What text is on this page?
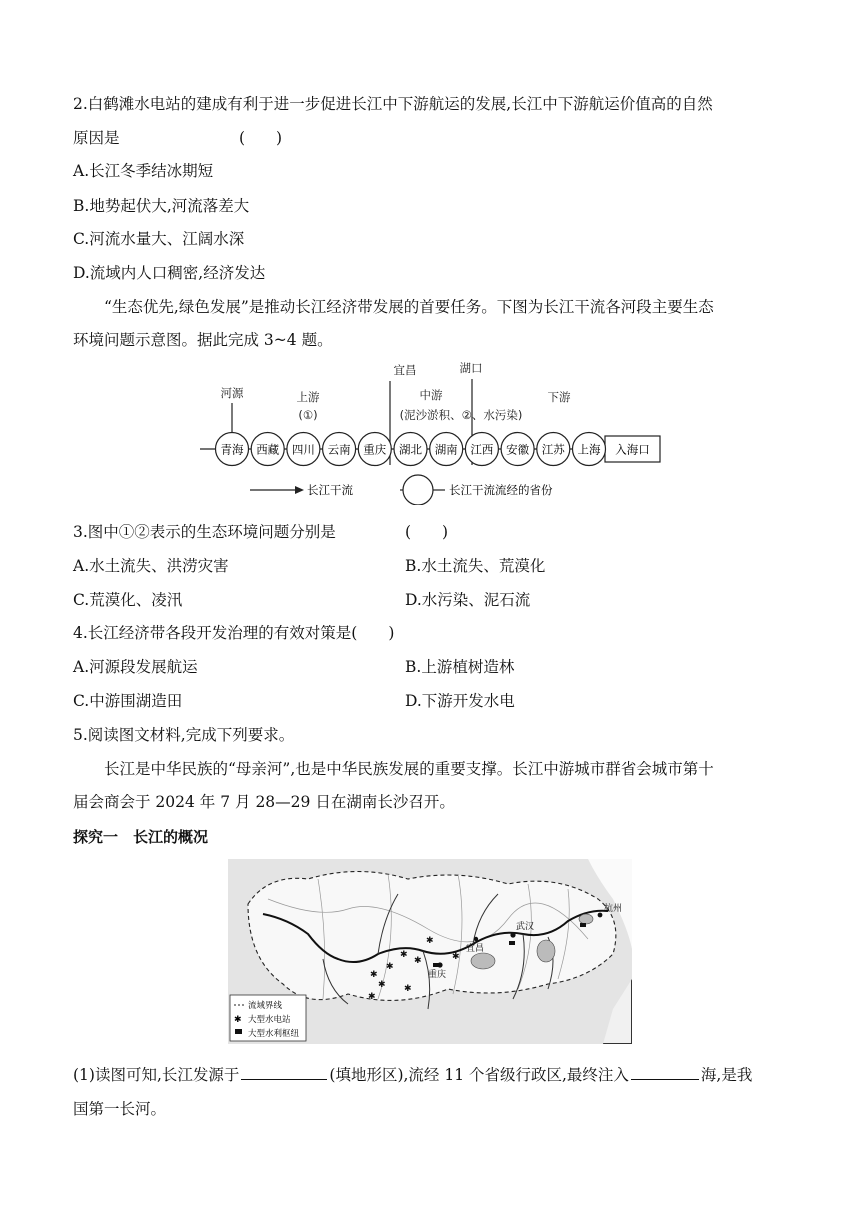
2.白鹤滩水电站的建成有利于进一步促进长江中下游航运的发展,长江中下游航运价值高的自然
原因是	(　　)
A.长江冬季结冰期短
B.地势起伏大,河流落差大
C.河流水量大、江阔水深
D.流域内人口稠密,经济发达
“生态优先,绿色发展”是推动长江经济带发展的首要任务。下图为长江干流各河段主要生态
环境问题示意图。据此完成 3~4 题。
河源	上游
(①)
宜昌	湖口
中游
(泥沙淤积、②、水污染)
下游
入海口
青海 西藏 四川 云南 重庆 湖北 湖南 江西 安徽 江苏 上海
长江干流	长江干流流经的省份
3.图中①②表示的生态环境问题分别是	(　　)
A.水土流失、洪涝灾害	B.水土流失、荒漠化
C.荒漠化、凌汛	D.水污染、泥石流
4.长江经济带各段开发治理的有效对策是(　　)
A.河源段发展航运	B.上游植树造林
C.中游围湖造田	D.下游开发水电
5.阅读图文材料,完成下列要求。
长江是中华民族的“母亲河”,也是中华民族发展的重要支撑。长江中游城市群省会城市第十
届会商会于 2024 年 7 月 28—29 日在湖南长沙召开。
探究一　长江的概况
武汉
重庆
宜昌
杭州
✱
✱
✱
✱
✱
✱
✱
✱
✱
流域界线
✱ 大型水电站
大型水利枢纽
(1)读图可知,长江发源于	(填地形区),流经 11 个省级行政区,最终注入	海,是我
国第一长河。
